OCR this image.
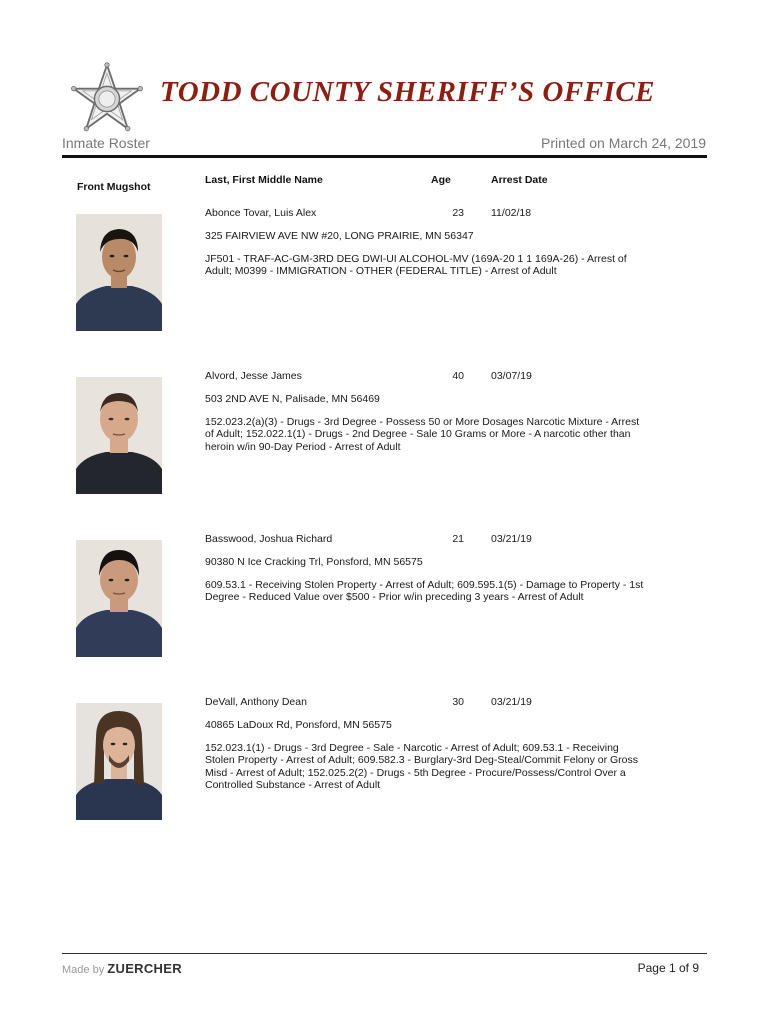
TODD COUNTY SHERIFF’S OFFICE
Inmate Roster	Printed on March 24, 2019
Front Mugshot
Last, First Middle Name	Age	Arrest Date
Abonce Tovar, Luis Alex	23	11/02/18
325 FAIRVIEW AVE NW #20, LONG PRAIRIE, MN 56347
JF501 - TRAF-AC-GM-3RD DEG DWI-UI ALCOHOL-MV (169A-20 1 1 169A-26) - Arrest of Adult; M0399 - IMMIGRATION - OTHER (FEDERAL TITLE) - Arrest of Adult
Alvord, Jesse James	40	03/07/19
503 2ND AVE N, Palisade, MN 56469
152.023.2(a)(3) - Drugs - 3rd Degree - Possess 50 or More Dosages Narcotic Mixture - Arrest of Adult; 152.022.1(1) - Drugs - 2nd Degree - Sale 10 Grams or More - A narcotic other than heroin w/in 90-Day Period - Arrest of Adult
Basswood, Joshua Richard	21	03/21/19
90380 N Ice Cracking Trl, Ponsford, MN 56575
609.53.1 - Receiving Stolen Property - Arrest of Adult; 609.595.1(5) - Damage to Property - 1st Degree - Reduced Value over $500 - Prior w/in preceding 3 years - Arrest of Adult
DeVall, Anthony Dean	30	03/21/19
40865 LaDoux Rd, Ponsford, MN 56575
152.023.1(1) - Drugs - 3rd Degree - Sale - Narcotic - Arrest of Adult; 609.53.1 - Receiving Stolen Property - Arrest of Adult; 609.582.3 - Burglary-3rd Deg-Steal/Commit Felony or Gross Misd - Arrest of Adult; 152.025.2(2) - Drugs - 5th Degree - Procure/Possess/Control Over a Controlled Substance - Arrest of Adult
Made by ZUERCHER	Page 1 of 9
